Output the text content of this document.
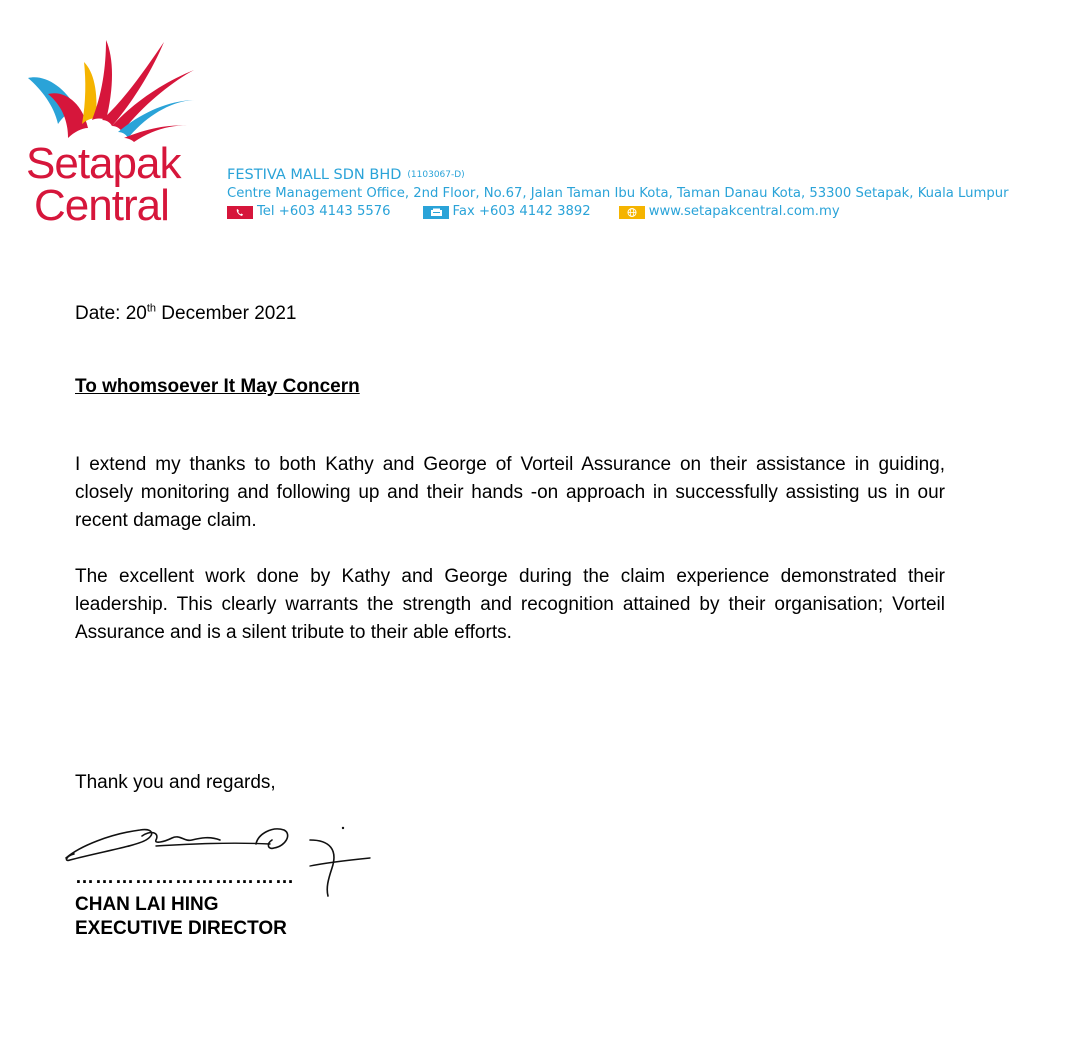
Setapak
Central
FESTIVA MALL SDN BHD (1103067-D)
Centre Management Office, 2nd Floor, No.67, Jalan Taman Ibu Kota, Taman Danau Kota, 53300 Setapak, Kuala Lumpur
Tel +603 4143 5576	Fax +603 4142 3892	www.setapakcentral.com.my
Date: 20th December 2021
To whomsoever It May Concern
I extend my thanks to both Kathy and George of Vorteil Assurance on their assistance in guiding, closely monitoring and following up and their hands -on approach in successfully assisting us in our recent damage claim.
The excellent work done by Kathy and George during the claim experience demonstrated their leadership. This clearly warrants the strength and recognition attained by their organisation; Vorteil Assurance and is a silent tribute to their able efforts.
Thank you and regards,
……………………………
CHAN LAI HING
EXECUTIVE DIRECTOR
